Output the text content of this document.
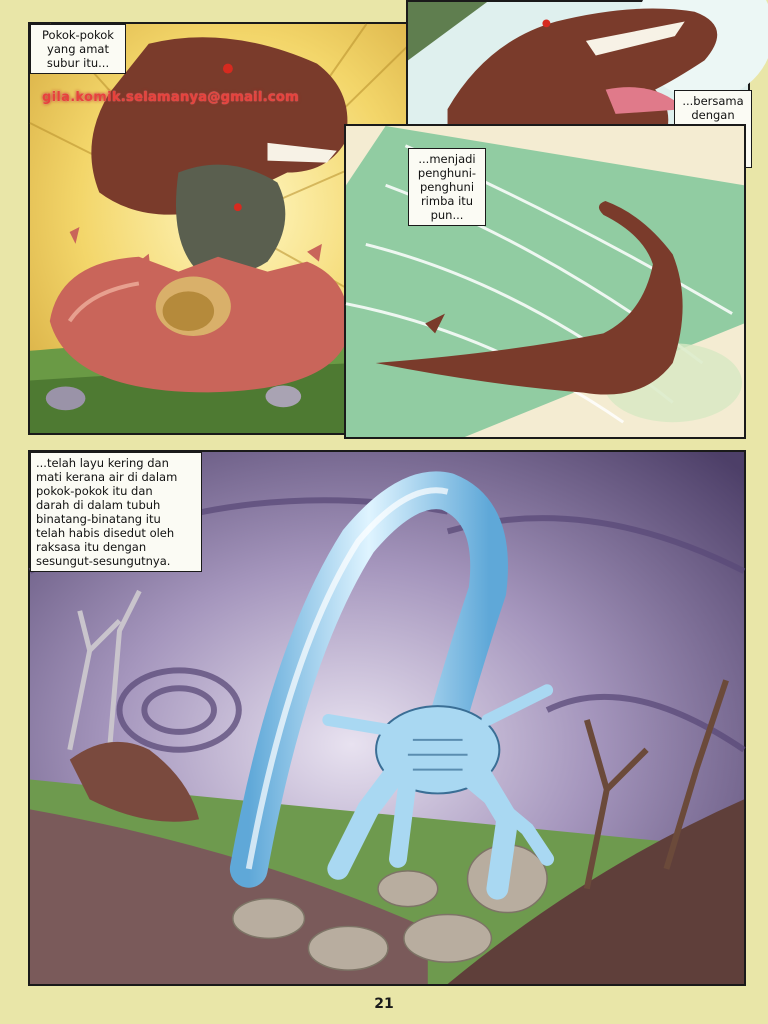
Pokok-pokok
yang amat
subur itu...
gila.komik.selamanya@gmail.com	...bersama
dengan

...menjadi
penghuni-
penghuni
rimba itu
pun...
...telah layu kering dan
mati kerana air di dalam
pokok-pokok itu dan
darah di dalam tubuh
binatang-binatang itu
telah habis disedut oleh
raksasa itu dengan
sesungut-sesungutnya.
21
